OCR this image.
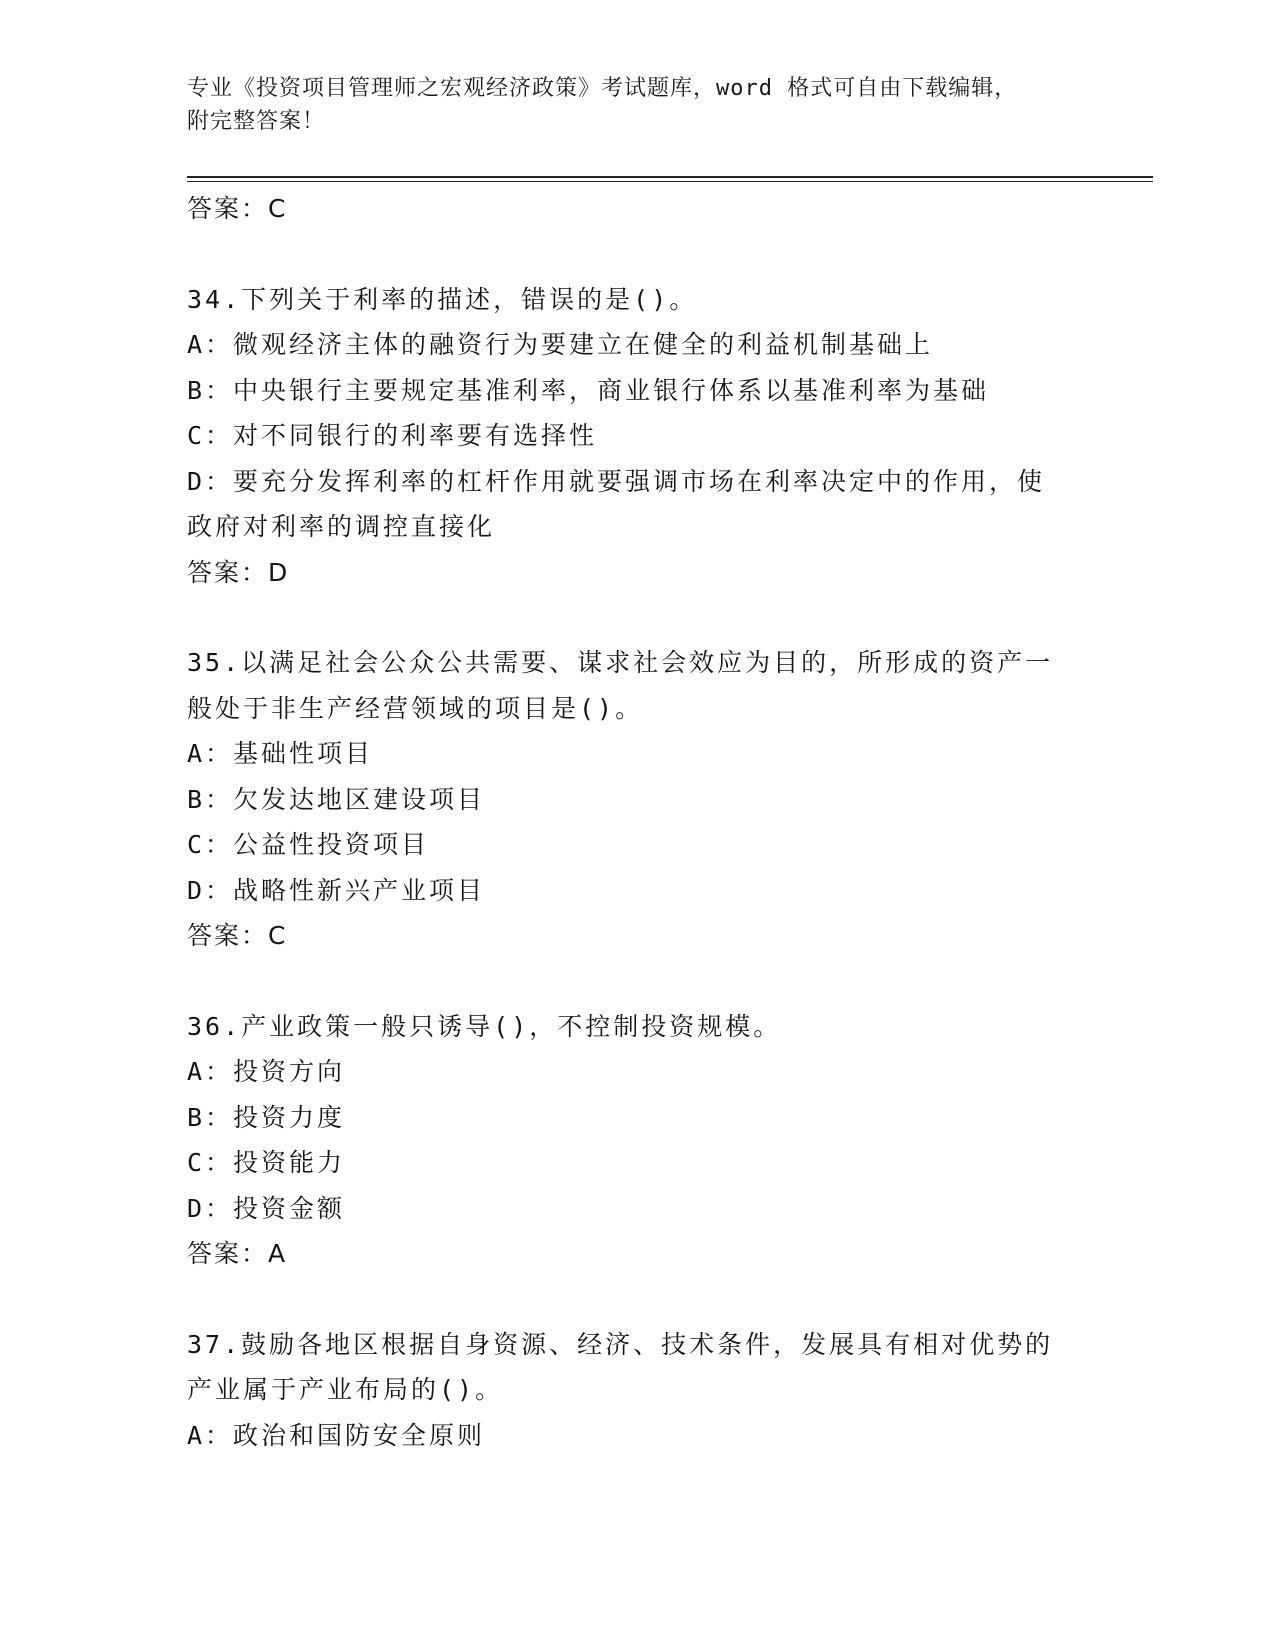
专业《投资项目管理师之宏观经济政策》考试题库，word 格式可自由下载编辑，
附完整答案！
答案：C
34.下列关于利率的描述，错误的是()。
A：微观经济主体的融资行为要建立在健全的利益机制基础上
B：中央银行主要规定基准利率，商业银行体系以基准利率为基础
C：对不同银行的利率要有选择性
D：要充分发挥利率的杠杆作用就要强调市场在利率决定中的作用，使政府对利率的调控直接化
答案：D
35.以满足社会公众公共需要、谋求社会效应为目的，所形成的资产一般处于非生产经营领域的项目是()。
A：基础性项目
B：欠发达地区建设项目
C：公益性投资项目
D：战略性新兴产业项目
答案：C
36.产业政策一般只诱导()，不控制投资规模。
A：投资方向
B：投资力度
C：投资能力
D：投资金额
答案：A
37.鼓励各地区根据自身资源、经济、技术条件，发展具有相对优势的产业属于产业布局的()。
A：政治和国防安全原则
